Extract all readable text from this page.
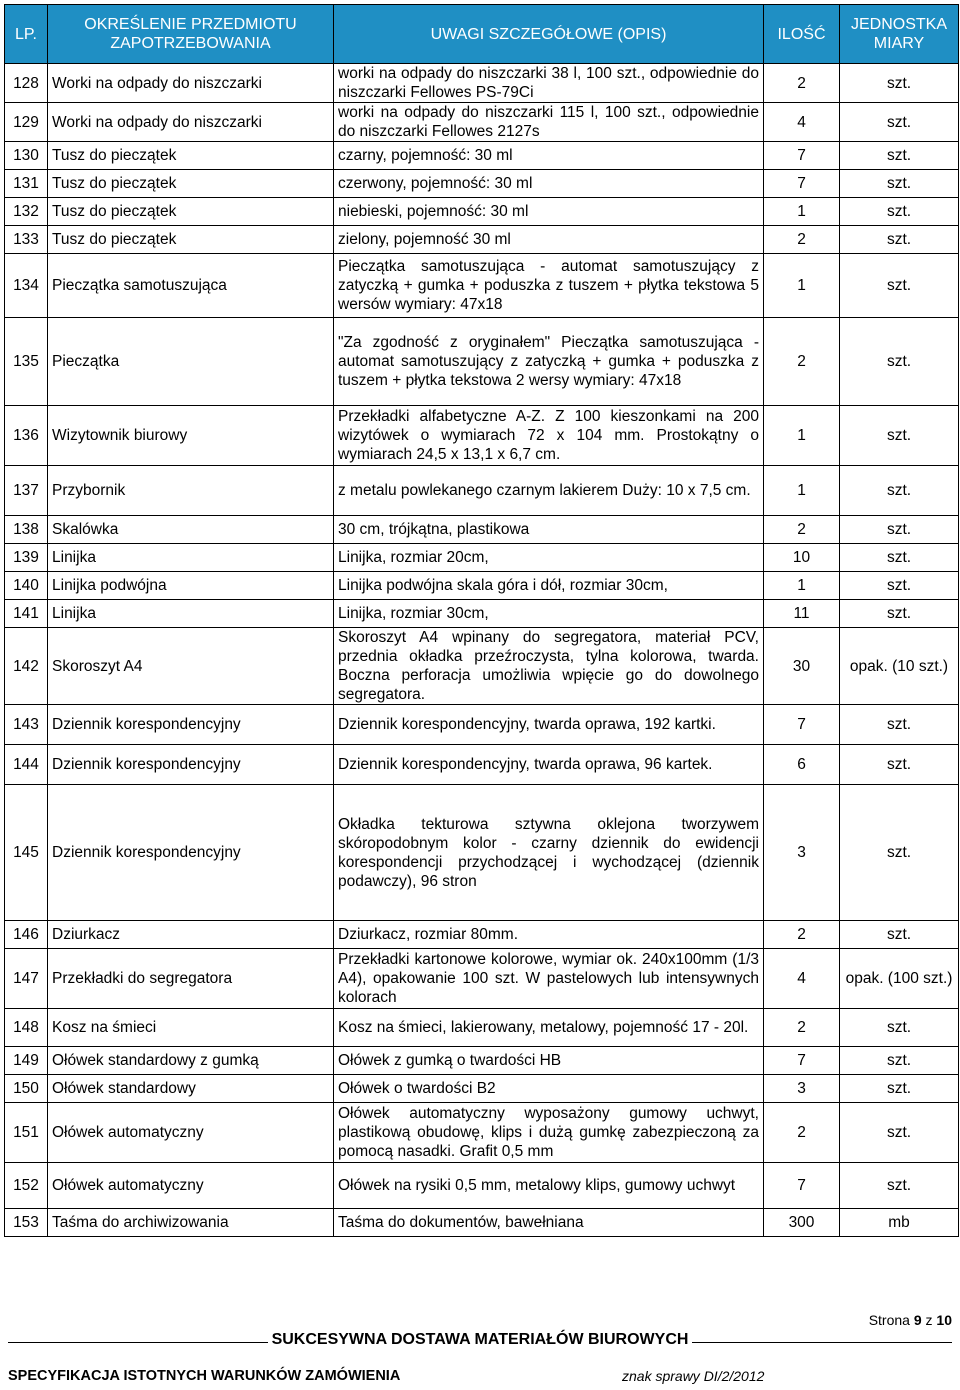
LP.	OKREŚLENIE PRZEDMIOTU ZAPOTRZEBOWANIA	UWAGI SZCZEGÓŁOWE (OPIS)	ILOŚĆ	JEDNOSTKA MIARY
128	Worki na odpady do niszczarki	worki na odpady do niszczarki 38 l, 100 szt., odpowiednie do niszczarki Fellowes PS-79Ci	2	szt.
129	Worki na odpady do niszczarki	worki na odpady do niszczarki 115 l, 100 szt., odpowiednie do niszczarki Fellowes 2127s	4	szt.
130	Tusz do pieczątek	czarny, pojemność: 30 ml	7	szt.
131	Tusz do pieczątek	czerwony, pojemność: 30 ml	7	szt.
132	Tusz do pieczątek	niebieski, pojemność: 30 ml	1	szt.
133	Tusz do pieczątek	zielony, pojemność 30 ml	2	szt.
134	Pieczątka samotuszująca	Pieczątka samotuszująca - automat samotuszujący z zatyczką + gumka + poduszka z tuszem + płytka tekstowa 5 wersów wymiary: 47x18	1	szt.
135	Pieczątka	"Za zgodność z oryginałem" Pieczątka samotuszująca - automat samotuszujący z zatyczką + gumka + poduszka z tuszem + płytka tekstowa 2 wersy wymiary: 47x18	2	szt.
136	Wizytownik biurowy	Przekładki alfabetyczne A-Z. Z 100 kieszonkami na 200 wizytówek o wymiarach 72 x 104 mm. Prostokątny o wymiarach 24,5 x 13,1 x 6,7 cm.	1	szt.
137	Przybornik	z metalu powlekanego czarnym lakierem Duży: 10 x 7,5 cm.	1	szt.
138	Skalówka	30 cm, trójkątna, plastikowa	2	szt.
139	Linijka	Linijka, rozmiar 20cm,	10	szt.
140	Linijka podwójna	Linijka podwójna skala góra i dół, rozmiar 30cm,	1	szt.
141	Linijka	Linijka, rozmiar 30cm,	11	szt.
142	Skoroszyt A4	Skoroszyt A4 wpinany do segregatora, materiał PCV, przednia okładka przeźroczysta, tylna kolorowa, twarda. Boczna perforacja umożliwia wpięcie go do dowolnego segregatora.	30	opak. (10 szt.)
143	Dziennik korespondencyjny	Dziennik korespondencyjny, twarda oprawa, 192 kartki.	7	szt.
144	Dziennik korespondencyjny	Dziennik korespondencyjny, twarda oprawa, 96 kartek.	6	szt.
145	Dziennik korespondencyjny	Okładka tekturowa sztywna oklejona tworzywem skóropodobnym kolor - czarny dziennik do ewidencji korespondencji przychodzącej i wychodzącej (dziennik podawczy), 96 stron	3	szt.
146	Dziurkacz	Dziurkacz, rozmiar 80mm.	2	szt.
147	Przekładki do segregatora	Przekładki kartonowe kolorowe, wymiar ok. 240x100mm (1/3 A4), opakowanie 100 szt. W pastelowych lub intensywnych kolorach	4	opak. (100 szt.)
148	Kosz na śmieci	Kosz na śmieci, lakierowany, metalowy, pojemność 17 - 20l.	2	szt.
149	Ołówek standardowy z gumką	Ołówek z gumką o twardości HB	7	szt.
150	Ołówek standardowy	Ołówek o twardości B2	3	szt.
151	Ołówek automatyczny	Ołówek automatyczny wyposażony gumowy uchwyt, plastikową obudowę, klips i dużą gumkę zabezpieczoną za pomocą nasadki. Grafit 0,5 mm	2	szt.
152	Ołówek automatyczny	Ołówek na rysiki 0,5 mm, metalowy klips, gumowy uchwyt	7	szt.
153	Taśma do archiwizowania	Taśma do dokumentów, bawełniana	300	mb
Strona 9 z 10
SUKCESYWNA DOSTAWA MATERIAŁÓW BIUROWYCH
SPECYFIKACJA ISTOTNYCH WARUNKÓW ZAMÓWIENIA	znak sprawy DI/2/2012
